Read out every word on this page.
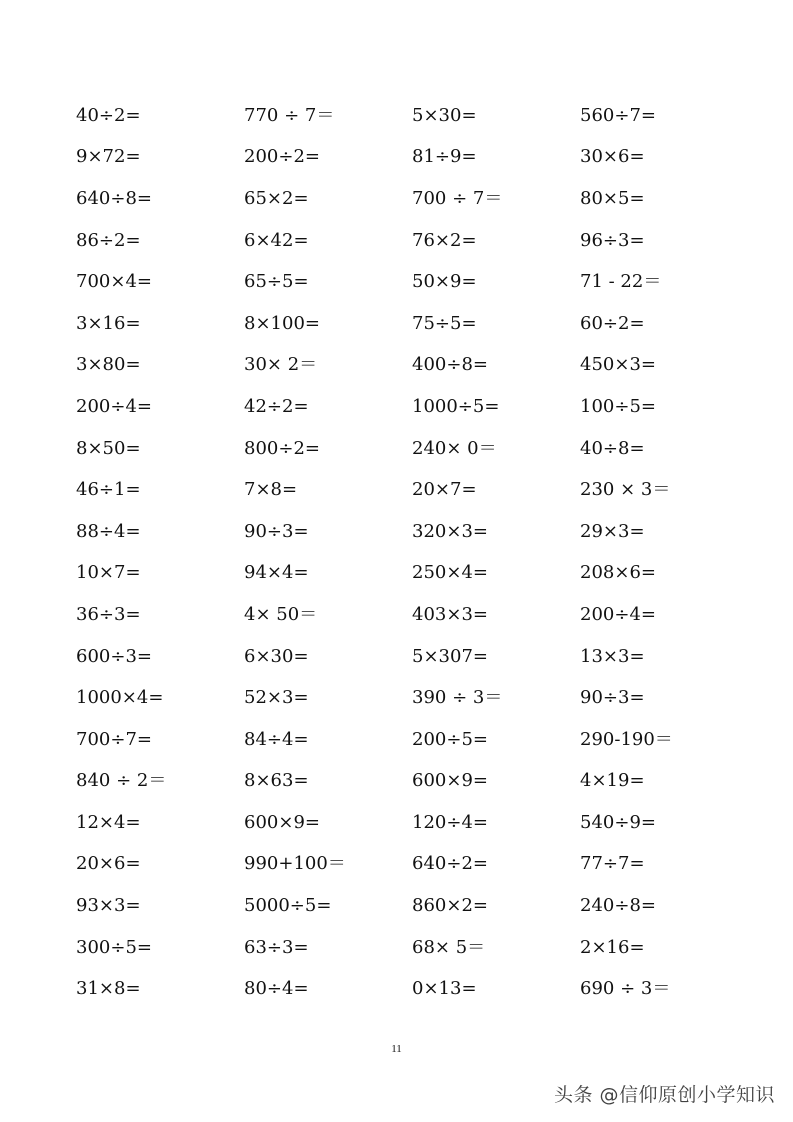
40÷2=	770 ÷ 7＝	5×30=	560÷7=
9×72=	200÷2=	81÷9=	30×6=
640÷8=	65×2=	700 ÷ 7＝	80×5=
86÷2=	6×42=	76×2=	96÷3=
700×4=	65÷5=	50×9=	71 - 22＝
3×16=	8×100=	75÷5=	60÷2=
3×80=	30× 2＝	400÷8=	450×3=
200÷4=	42÷2=	1000÷5=	100÷5=
8×50=	800÷2=	240× 0＝	40÷8=
46÷1=	7×8=	20×7=	230 × 3＝
88÷4=	90÷3=	320×3=	29×3=
10×7=	94×4=	250×4=	208×6=
36÷3=	4× 50＝	403×3=	200÷4=
600÷3=	6×30=	5×307=	13×3=
1000×4=	52×3=	390 ÷ 3＝	90÷3=
700÷7=	84÷4=	200÷5=	290-190＝
840 ÷ 2＝	8×63=	600×9=	4×19=
12×4=	600×9=	120÷4=	540÷9=
20×6=	990+100＝	640÷2=	77÷7=
93×3=	5000÷5=	860×2=	240÷8=
300÷5=	63÷3=	68× 5＝	2×16=
31×8=	80÷4=	0×13=	690 ÷ 3＝
11
头条 @信仰原创小学知识
